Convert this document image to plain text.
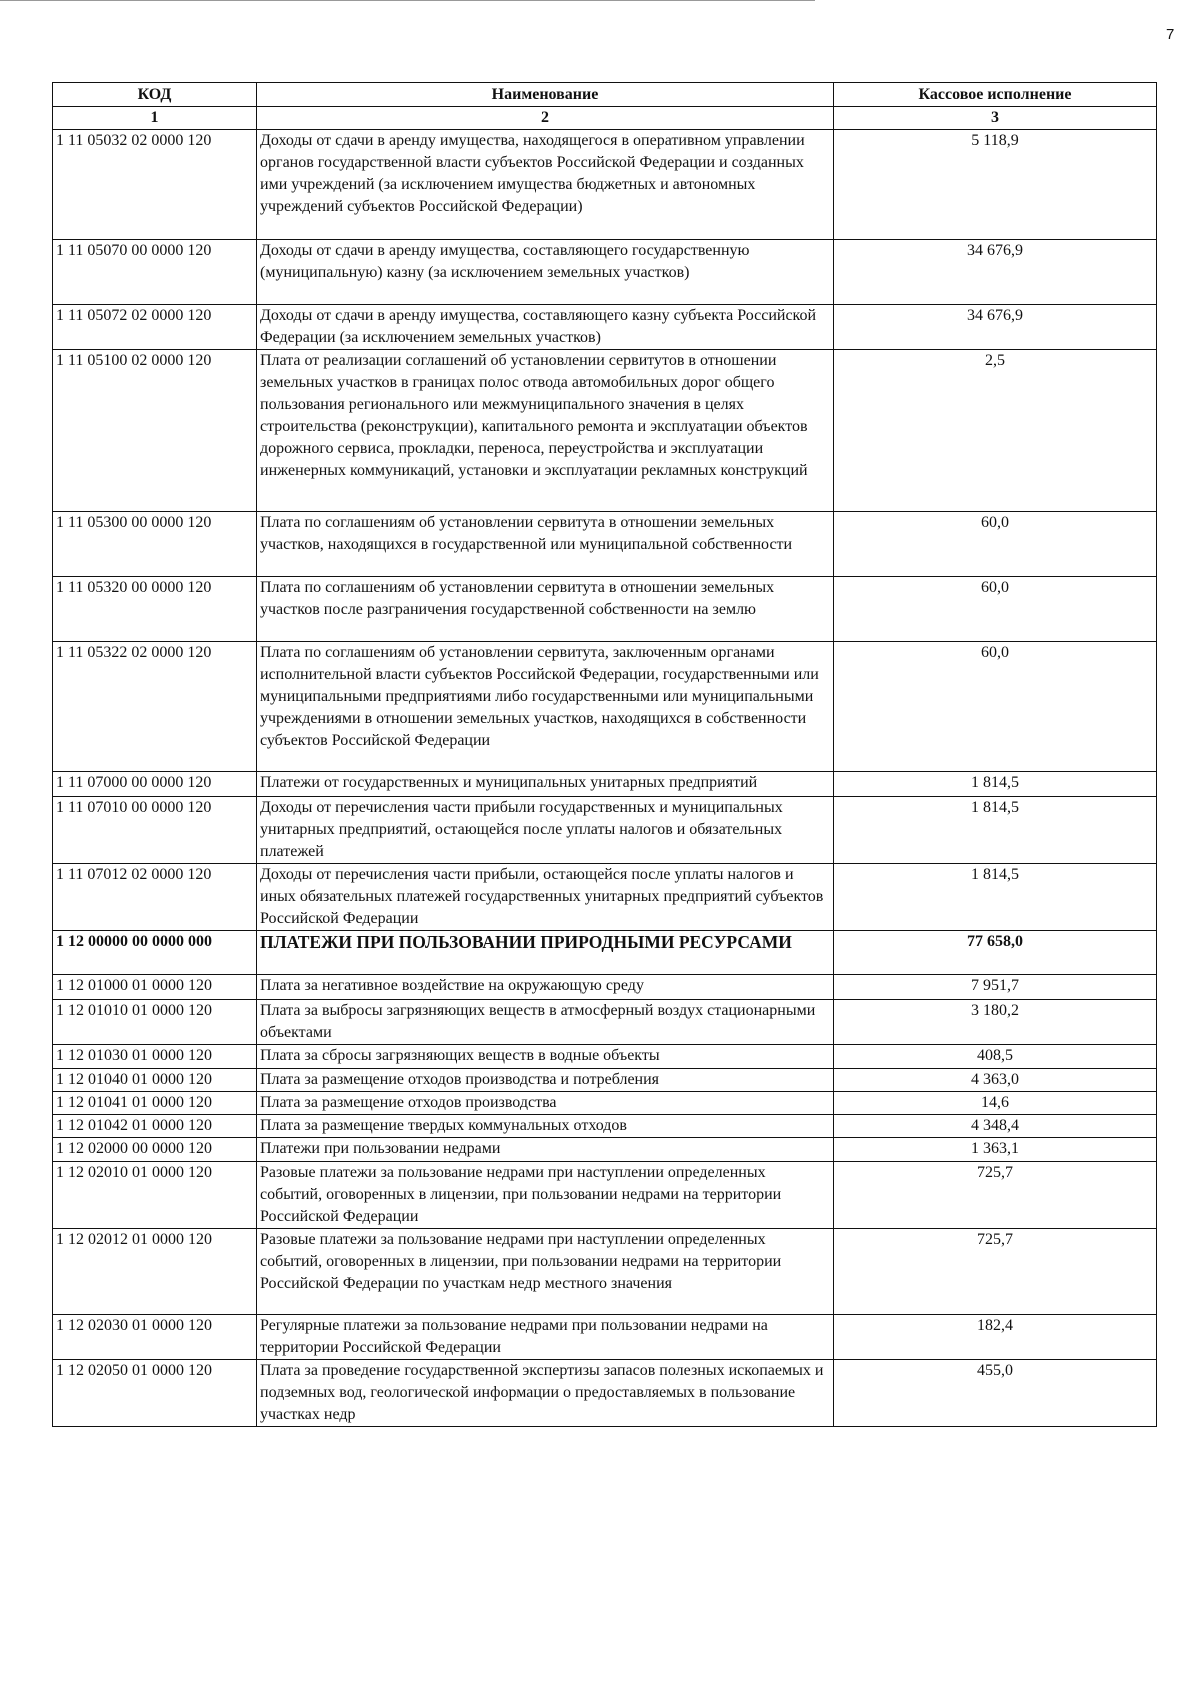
7
КОД	Наименование	Кассовое исполнение
1	2	3
1 11 05032 02 0000 120	Доходы от сдачи в аренду имущества, находящегося в оперативном управлении органов государственной власти субъектов Российской Федерации и созданных ими учреждений (за исключением имущества бюджетных и автономных учреждений субъектов Российской Федерации)	5 118,9
1 11 05070 00 0000 120	Доходы от сдачи в аренду имущества, составляющего государственную (муниципальную) казну (за исключением земельных участков)	34 676,9
1 11 05072 02 0000 120	Доходы от сдачи в аренду имущества, составляющего казну субъекта Российской Федерации (за исключением земельных участков)	34 676,9
1 11 05100 02 0000 120	Плата от реализации соглашений об установлении сервитутов в отношении земельных участков в границах полос отвода автомобильных дорог общего пользования регионального или межмуниципального значения в целях строительства (реконструкции), капитального ремонта и эксплуатации объектов дорожного сервиса, прокладки, переноса, переустройства и эксплуатации инженерных коммуникаций, установки и эксплуатации рекламных конструкций	2,5
1 11 05300 00 0000 120	Плата по соглашениям об установлении сервитута в отношении земельных участков, находящихся в государственной или муниципальной собственности	60,0
1 11 05320 00 0000 120	Плата по соглашениям об установлении сервитута в отношении земельных участков после разграничения государственной собственности на землю	60,0
1 11 05322 02 0000 120	Плата по соглашениям об установлении сервитута, заключенным органами исполнительной власти субъектов Российской Федерации, государственными или муниципальными предприятиями либо государственными или муниципальными учреждениями в отношении земельных участков, находящихся в собственности субъектов Российской Федерации	60,0
1 11 07000 00 0000 120	Платежи от государственных и муниципальных унитарных предприятий	1 814,5
1 11 07010 00 0000 120	Доходы от перечисления части прибыли государственных и муниципальных унитарных предприятий, остающейся после уплаты налогов и обязательных платежей	1 814,5
1 11 07012 02 0000 120	Доходы от перечисления части прибыли, остающейся после уплаты налогов и иных обязательных платежей государственных унитарных предприятий субъектов Российской Федерации	1 814,5
1 12 00000 00 0000 000	ПЛАТЕЖИ ПРИ ПОЛЬЗОВАНИИ ПРИРОДНЫМИ РЕСУРСАМИ	77 658,0
1 12 01000 01 0000 120	Плата за негативное воздействие на окружающую среду	7 951,7
1 12 01010 01 0000 120	Плата за выбросы загрязняющих веществ в атмосферный воздух стационарными объектами	3 180,2
1 12 01030 01 0000 120	Плата за сбросы загрязняющих веществ в водные объекты	408,5
1 12 01040 01 0000 120	Плата за размещение отходов производства и потребления	4 363,0
1 12 01041 01 0000 120	Плата за размещение отходов производства	14,6
1 12 01042 01 0000 120	Плата за размещение твердых коммунальных отходов	4 348,4
1 12 02000 00 0000 120	Платежи при пользовании недрами	1 363,1
1 12 02010 01 0000 120	Разовые платежи за пользование недрами при наступлении определенных событий, оговоренных в лицензии, при пользовании недрами на территории Российской Федерации	725,7
1 12 02012 01 0000 120	Разовые платежи за пользование недрами при наступлении определенных событий, оговоренных в лицензии, при пользовании недрами на территории Российской Федерации по участкам недр местного значения	725,7
1 12 02030 01 0000 120	Регулярные платежи за пользование недрами при пользовании недрами на территории Российской Федерации	182,4
1 12 02050 01 0000 120	Плата за проведение государственной экспертизы запасов полезных ископаемых и подземных вод, геологической информации о предоставляемых в пользование участках недр	455,0
